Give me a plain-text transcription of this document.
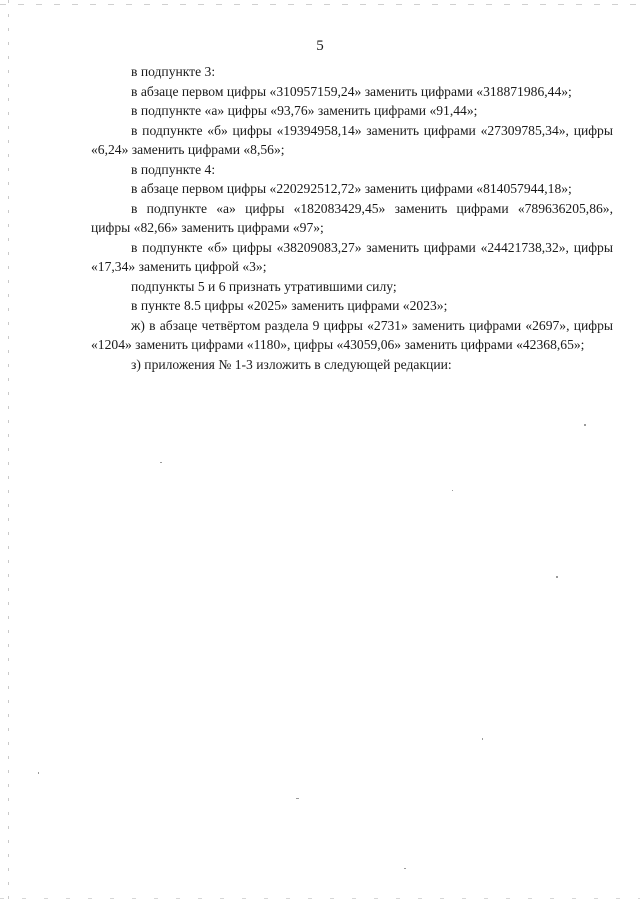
5

в подпункте 3:

в абзаце первом цифры «310957159,24» заменить цифрами «318871986,44»;

в подпункте «а» цифры «93,76» заменить цифрами «91,44»;

в подпункте «б» цифры «19394958,14» заменить цифрами «27309785,34», цифры «6,24» заменить цифрами «8,56»;

в подпункте 4:

в абзаце первом цифры «220292512,72» заменить цифрами «814057944,18»;

в подпункте «а» цифры «182083429,45» заменить цифрами «789636205,86», цифры «82,66» заменить цифрами «97»;

в подпункте «б» цифры «38209083,27» заменить цифрами «24421738,32», цифры «17,34» заменить цифрой «3»;

подпункты 5 и 6 признать утратившими силу;

в пункте 8.5 цифры «2025» заменить цифрами «2023»;

ж) в абзаце четвёртом раздела 9 цифры «2731» заменить цифрами «2697», цифры «1204» заменить цифрами «1180», цифры «43059,06» заменить цифрами «42368,65»;

з) приложения № 1-3 изложить в следующей редакции:
